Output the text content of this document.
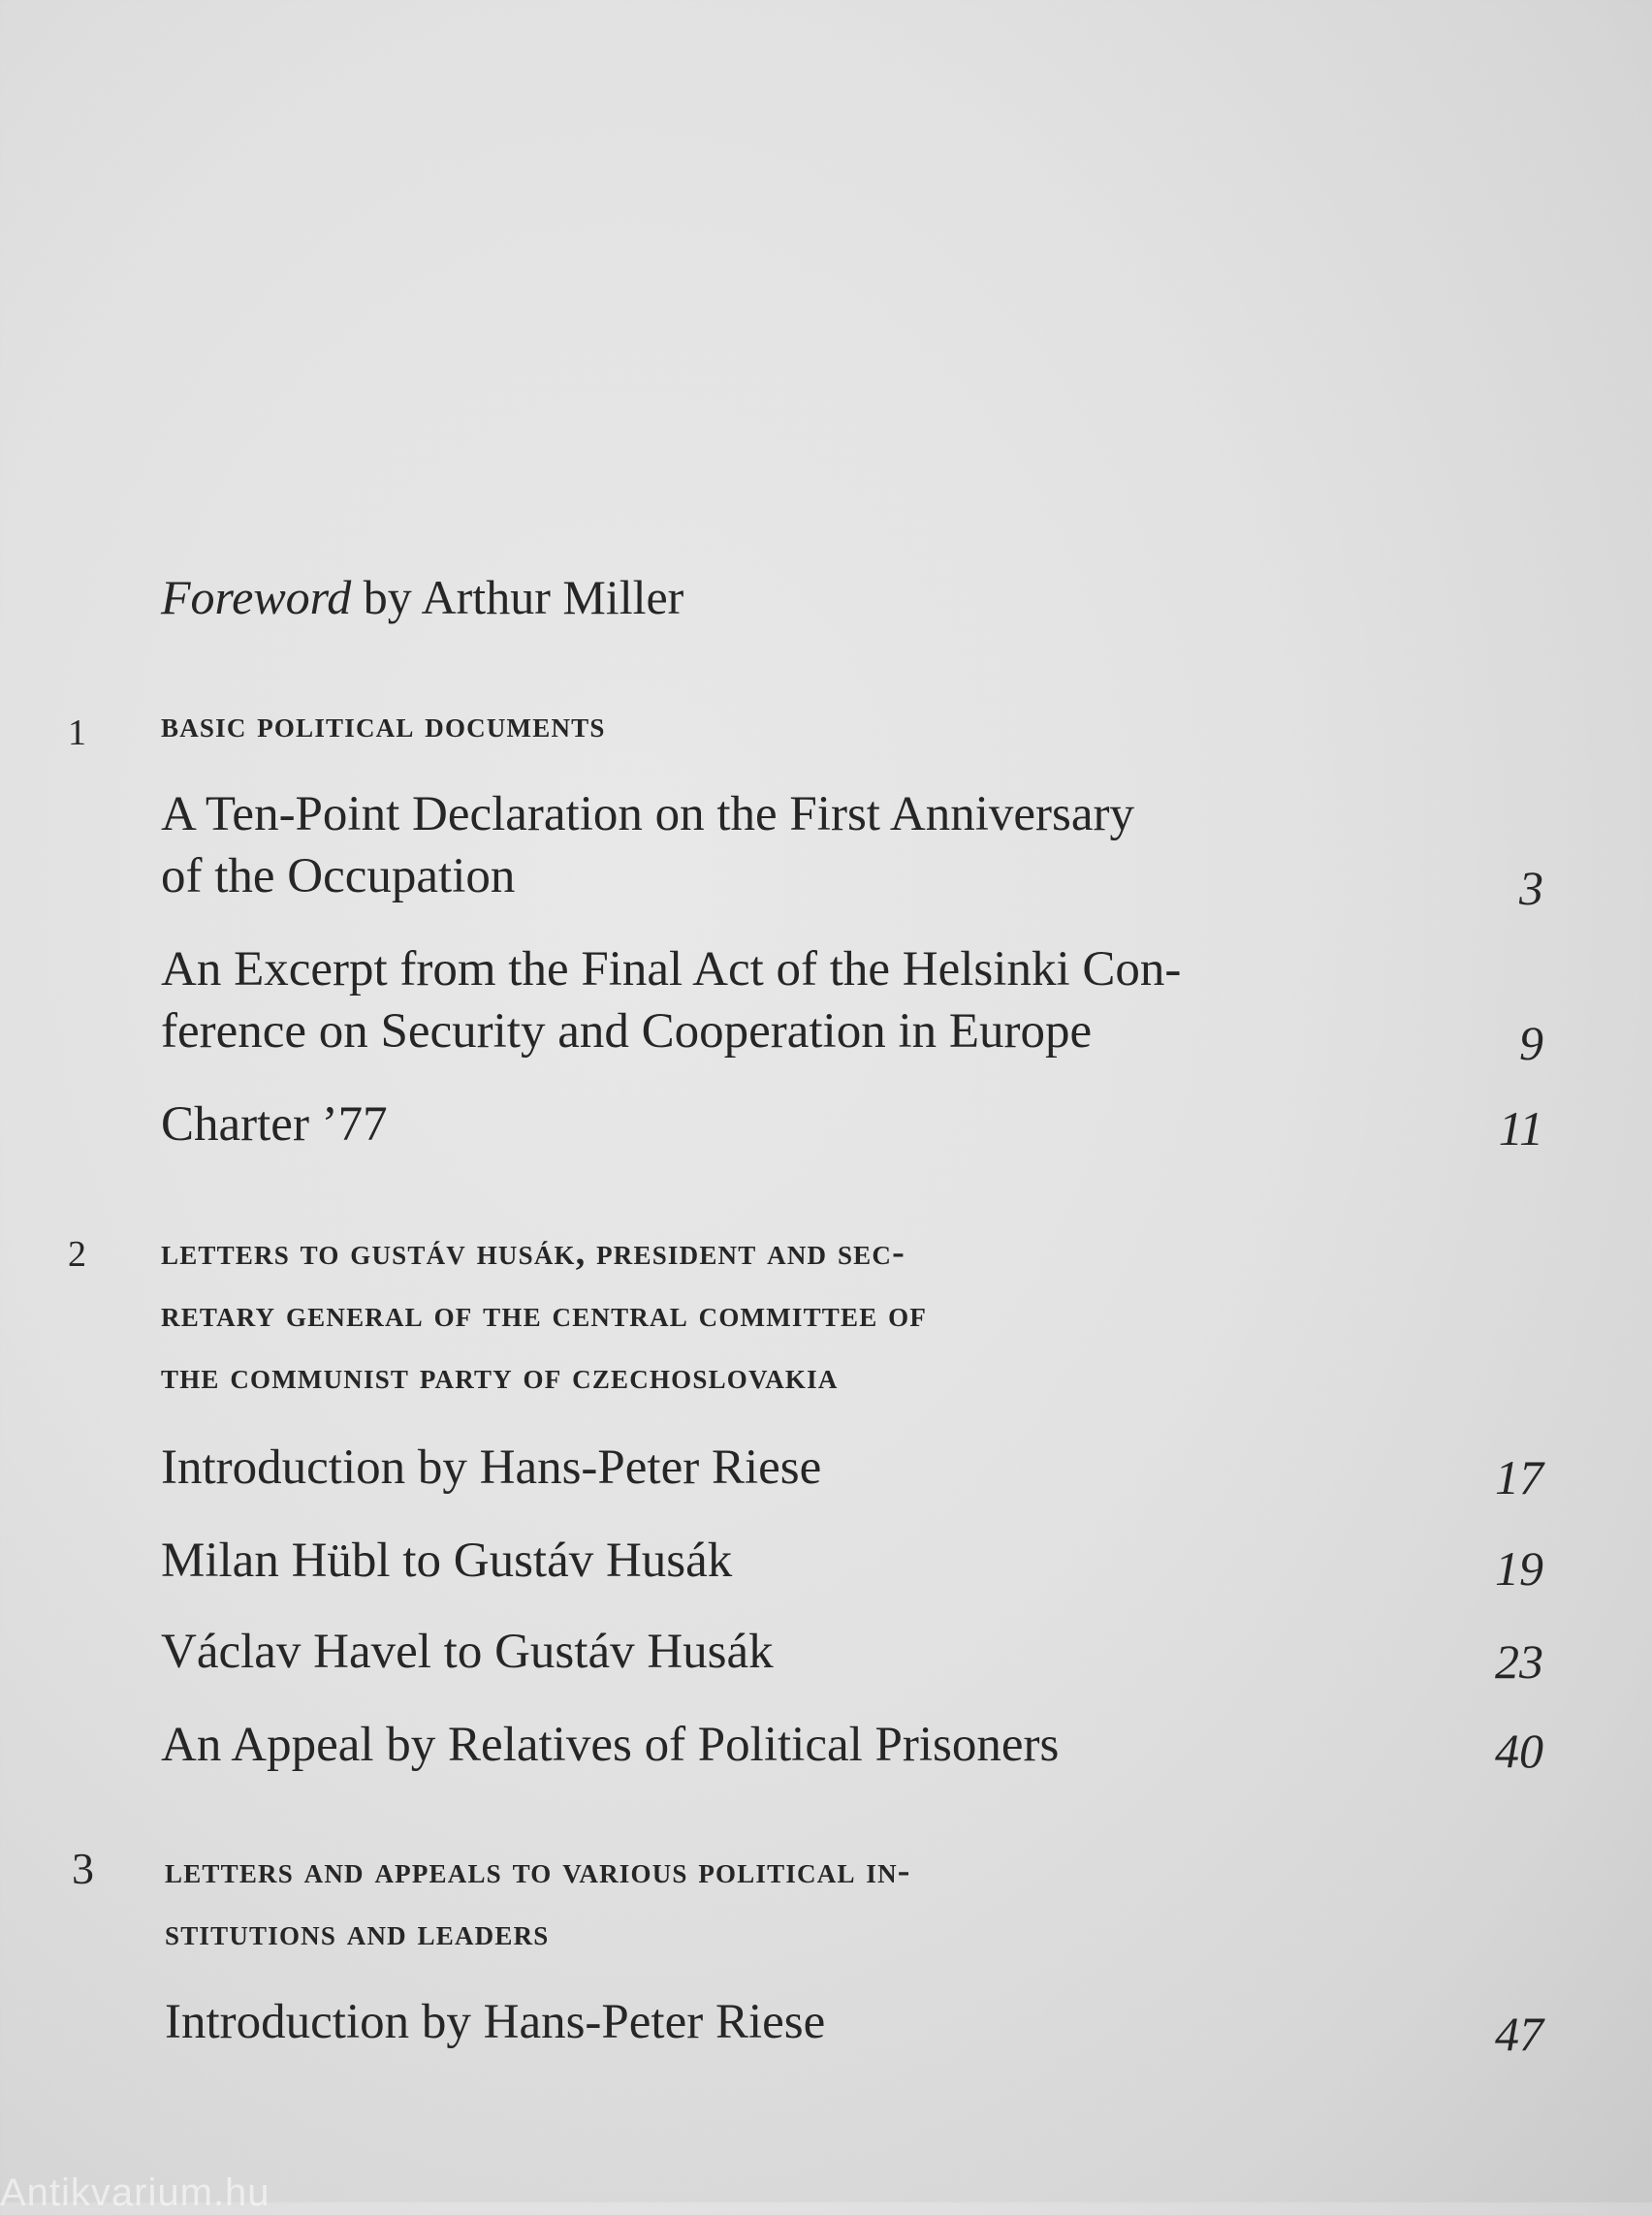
Foreword by Arthur Miller
1 basic political documents
A Ten-Point Declaration on the First Anniversary
of the Occupation	3
An Excerpt from the Final Act of the Helsinki Con-
ference on Security and Cooperation in Europe	9
Charter ’77	11
2 letters to gustáv husák, president and sec-
retary general of the central committee of
the communist party of czechoslovakia
Introduction by Hans-Peter Riese	17
Milan Hübl to Gustáv Husák	19
Václav Havel to Gustáv Husák	23
An Appeal by Relatives of Political Prisoners	40
3 letters and appeals to various political in-
stitutions and leaders
Introduction by Hans-Peter Riese	47
Antikvarium.hu
